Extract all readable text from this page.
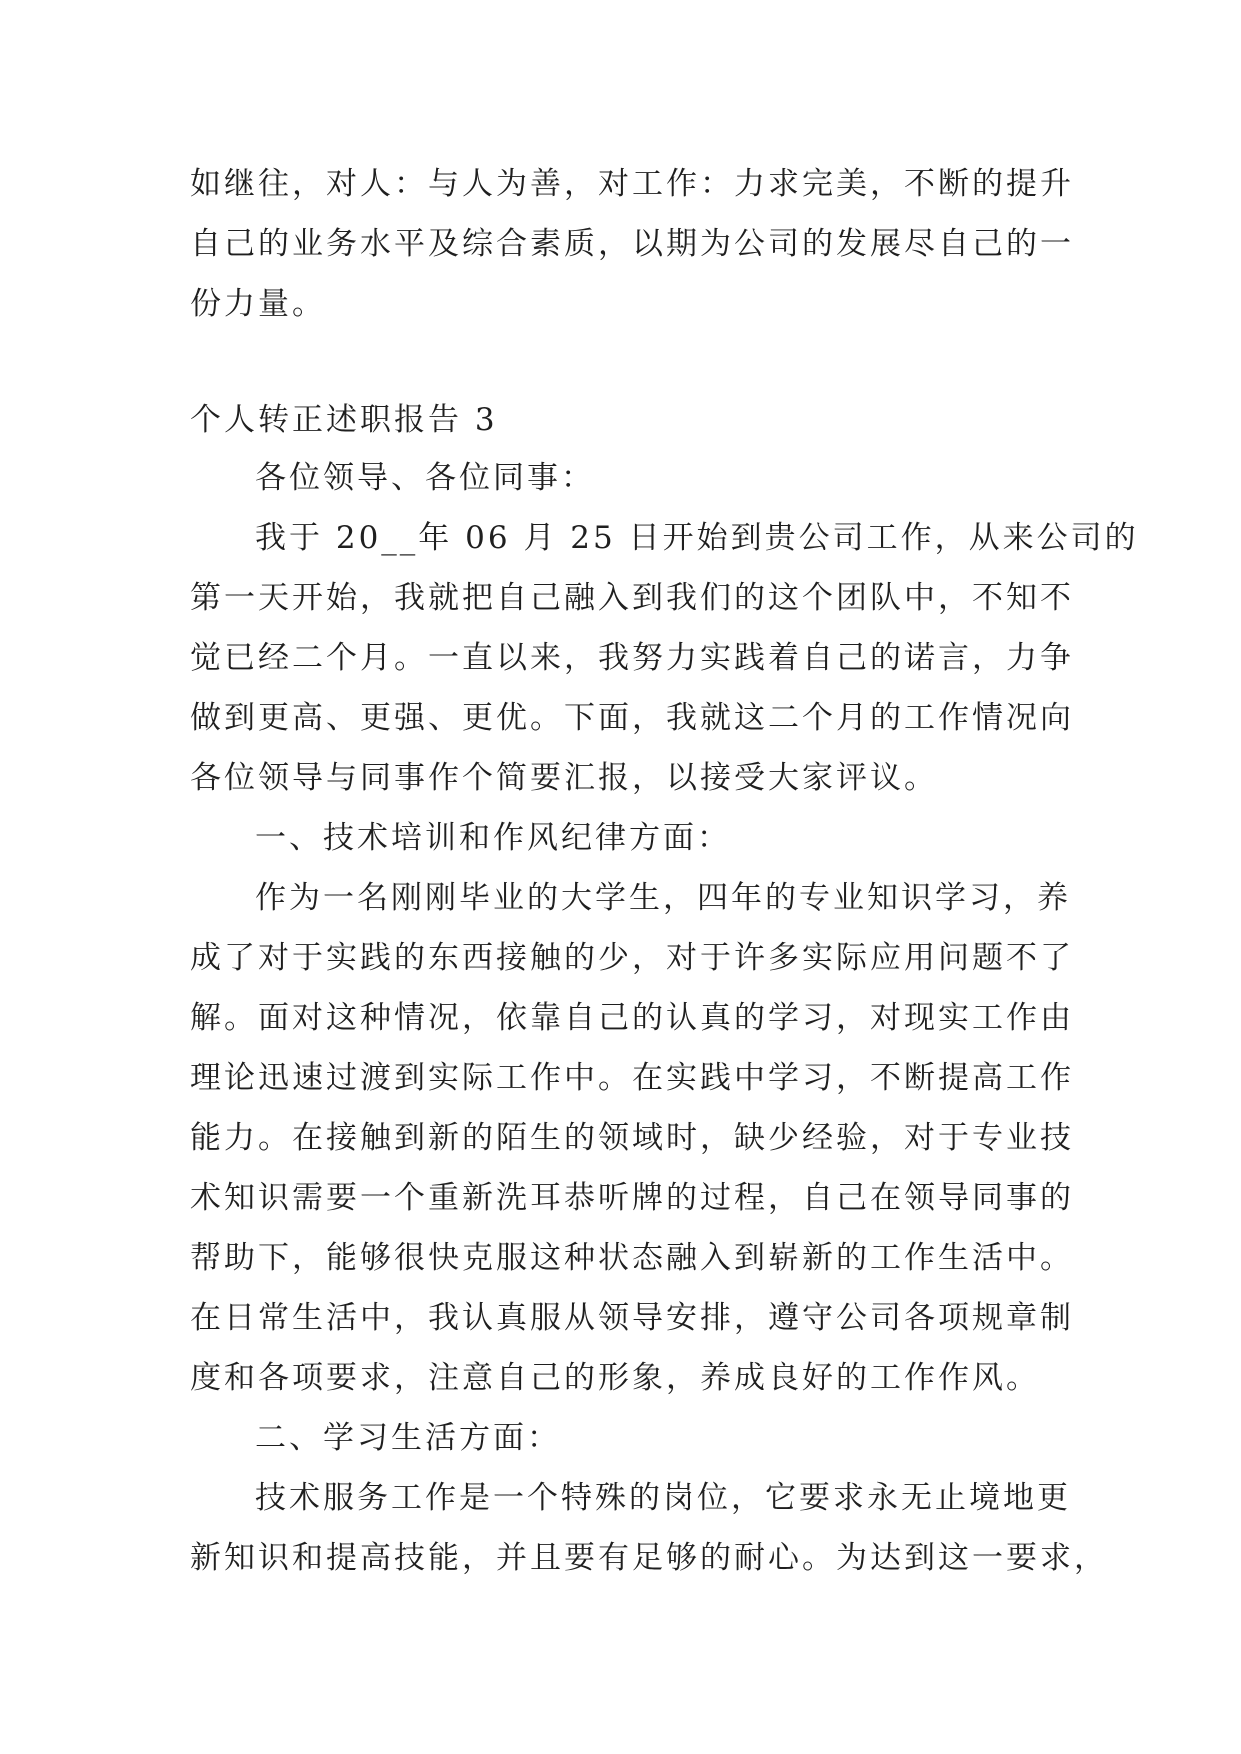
如继往，对人：与人为善，对工作：力求完美，不断的提升
自己的业务水平及综合素质，以期为公司的发展尽自己的一
份力量。
个人转正述职报告 3
各位领导、各位同事：
我于 20__年 06 月 25 日开始到贵公司工作，从来公司的
第一天开始，我就把自己融入到我们的这个团队中，不知不
觉已经二个月。一直以来，我努力实践着自己的诺言，力争
做到更高、更强、更优。下面，我就这二个月的工作情况向
各位领导与同事作个简要汇报，以接受大家评议。
一、技术培训和作风纪律方面：
作为一名刚刚毕业的大学生，四年的专业知识学习，养
成了对于实践的东西接触的少，对于许多实际应用问题不了
解。面对这种情况，依靠自己的认真的学习，对现实工作由
理论迅速过渡到实际工作中。在实践中学习，不断提高工作
能力。在接触到新的陌生的领域时，缺少经验，对于专业技
术知识需要一个重新洗耳恭听牌的过程，自己在领导同事的
帮助下，能够很快克服这种状态融入到崭新的工作生活中。
在日常生活中，我认真服从领导安排，遵守公司各项规章制
度和各项要求，注意自己的形象，养成良好的工作作风。
二、学习生活方面：
技术服务工作是一个特殊的岗位，它要求永无止境地更
新知识和提高技能，并且要有足够的耐心。为达到这一要求，
